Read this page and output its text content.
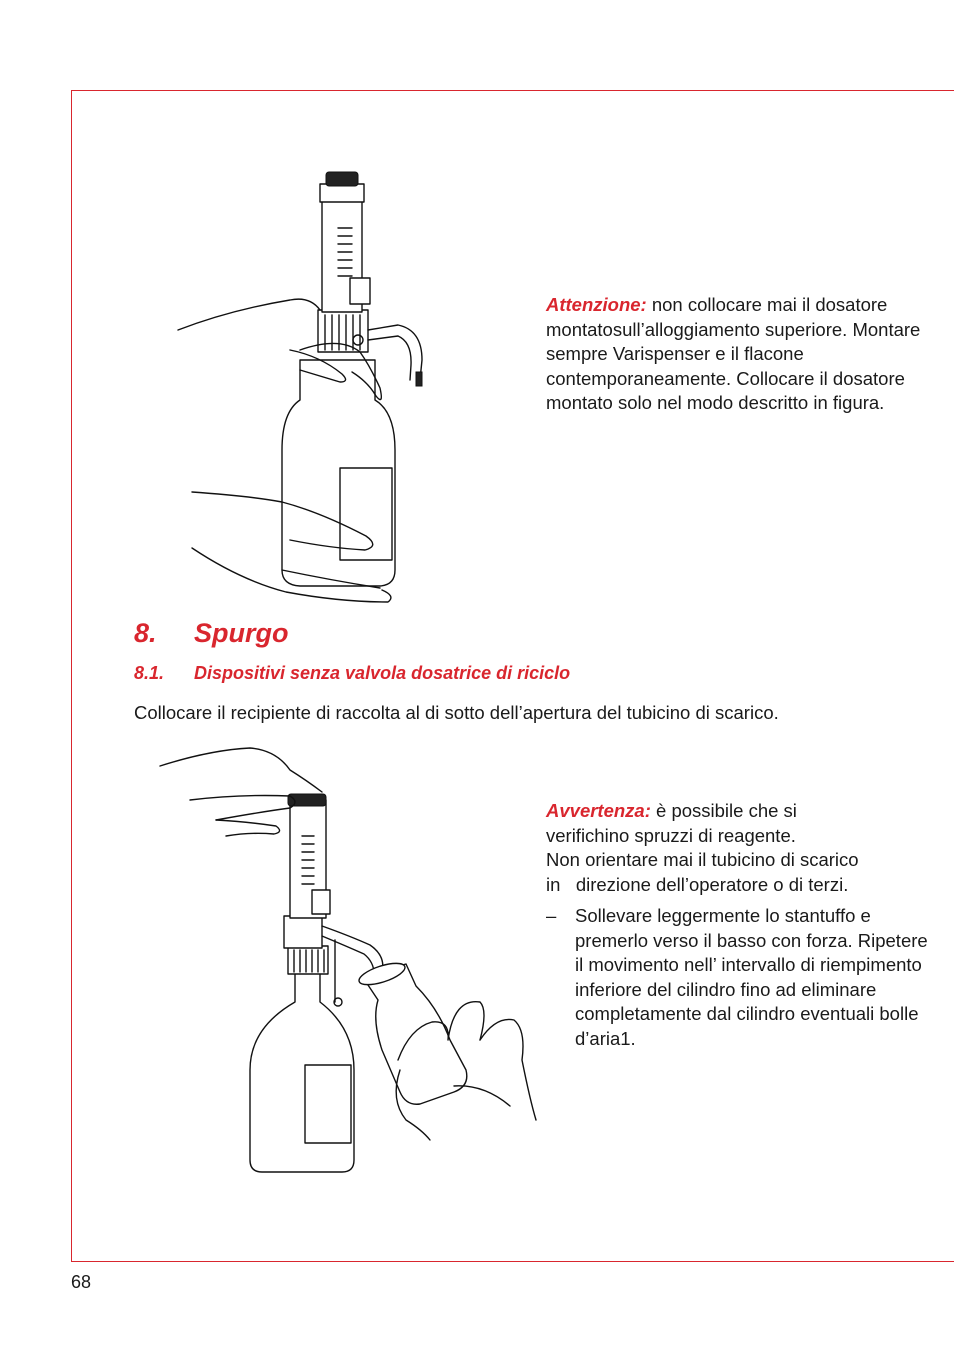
Attenzione: non collocare mai il dosatore montatosull’alloggiamento superiore. Montare sempre Varispenser e il flacone contemporaneamente. Collocare il dosatore montato solo nel modo descritto in figura.

8. Spurgo
8.1. Dispositivi senza valvola dosatrice di riciclo

Collocare il recipiente di raccolta al di sotto dell’apertura del tubicino di scarico.

Avvertenza: è possibile che si
verifichino spruzzi di reagente.
Non orientare mai il tubicino di scarico
in   direzione dell’operatore o di terzi.

– Sollevare leggermente lo stantuffo e premerlo verso il basso con forza. Ripetere il movimento nell’ intervallo di riempimento inferiore del cilindro fino ad eliminare completamente dal cilindro eventuali bolle d’aria1.

68
